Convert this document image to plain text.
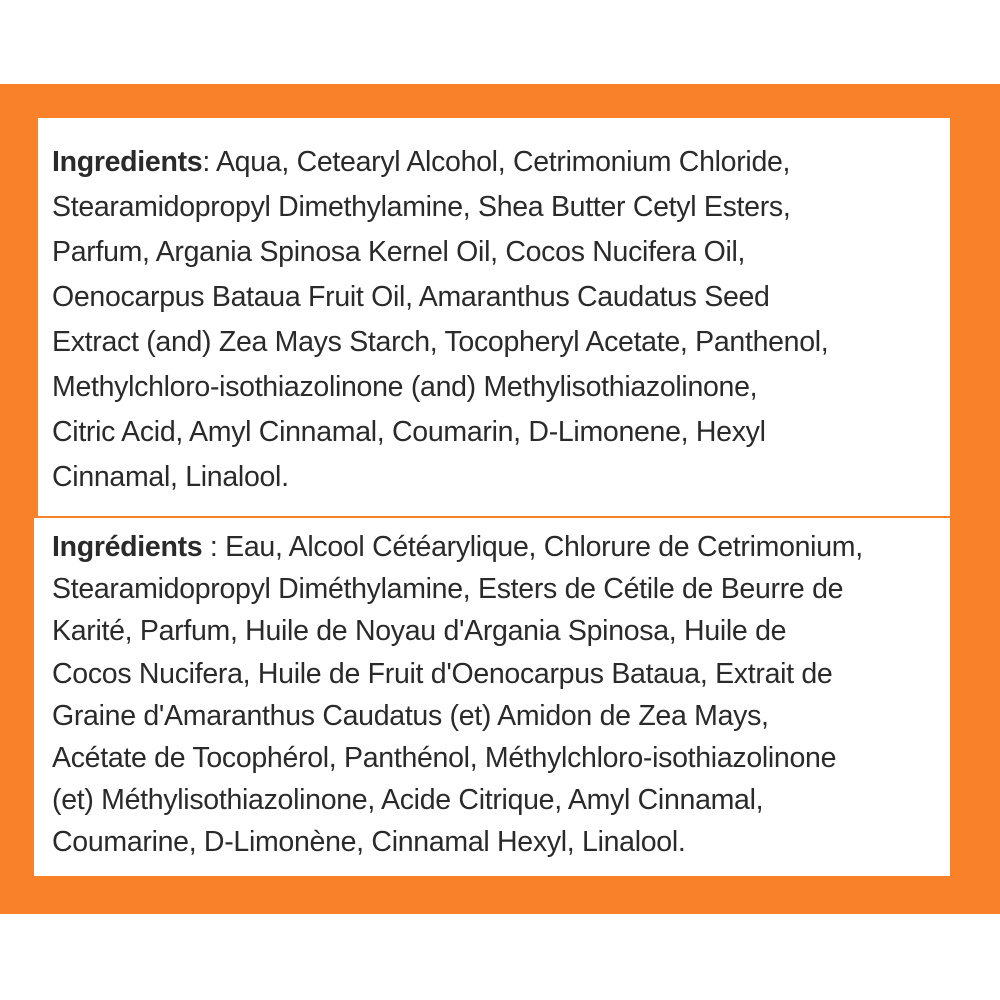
Ingredients: Aqua, Cetearyl Alcohol, Cetrimonium Chloride,
Stearamidopropyl Dimethylamine, Shea Butter Cetyl Esters,
Parfum, Argania Spinosa Kernel Oil, Cocos Nucifera Oil,
Oenocarpus Bataua Fruit Oil, Amaranthus Caudatus Seed
Extract (and) Zea Mays Starch, Tocopheryl Acetate, Panthenol,
Methylchloro-isothiazolinone (and) Methylisothiazolinone,
Citric Acid, Amyl Cinnamal, Coumarin, D-Limonene, Hexyl
Cinnamal, Linalool.
Ingrédients : Eau, Alcool Cétéarylique, Chlorure de Cetrimonium,
Stearamidopropyl Diméthylamine, Esters de Cétile de Beurre de
Karité, Parfum, Huile de Noyau d'Argania Spinosa, Huile de
Cocos Nucifera, Huile de Fruit d'Oenocarpus Bataua, Extrait de
Graine d'Amaranthus Caudatus (et) Amidon de Zea Mays,
Acétate de Tocophérol, Panthénol, Méthylchloro-isothiazolinone
(et) Méthylisothiazolinone, Acide Citrique, Amyl Cinnamal,
Coumarine, D-Limonène, Cinnamal Hexyl, Linalool.
